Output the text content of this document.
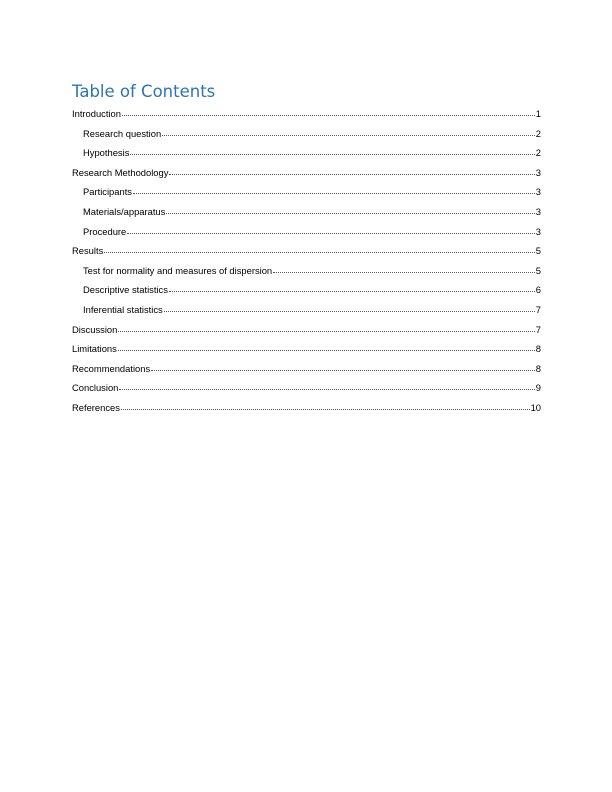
Table of Contents
Introduction	1
Research question	2
Hypothesis	2
Research Methodology	3
Participants	3
Materials/apparatus	3
Procedure	3
Results	5
Test for normality and measures of dispersion	5
Descriptive statistics	6
Inferential statistics	7
Discussion	7
Limitations	8
Recommendations	8
Conclusion	9
References	10
